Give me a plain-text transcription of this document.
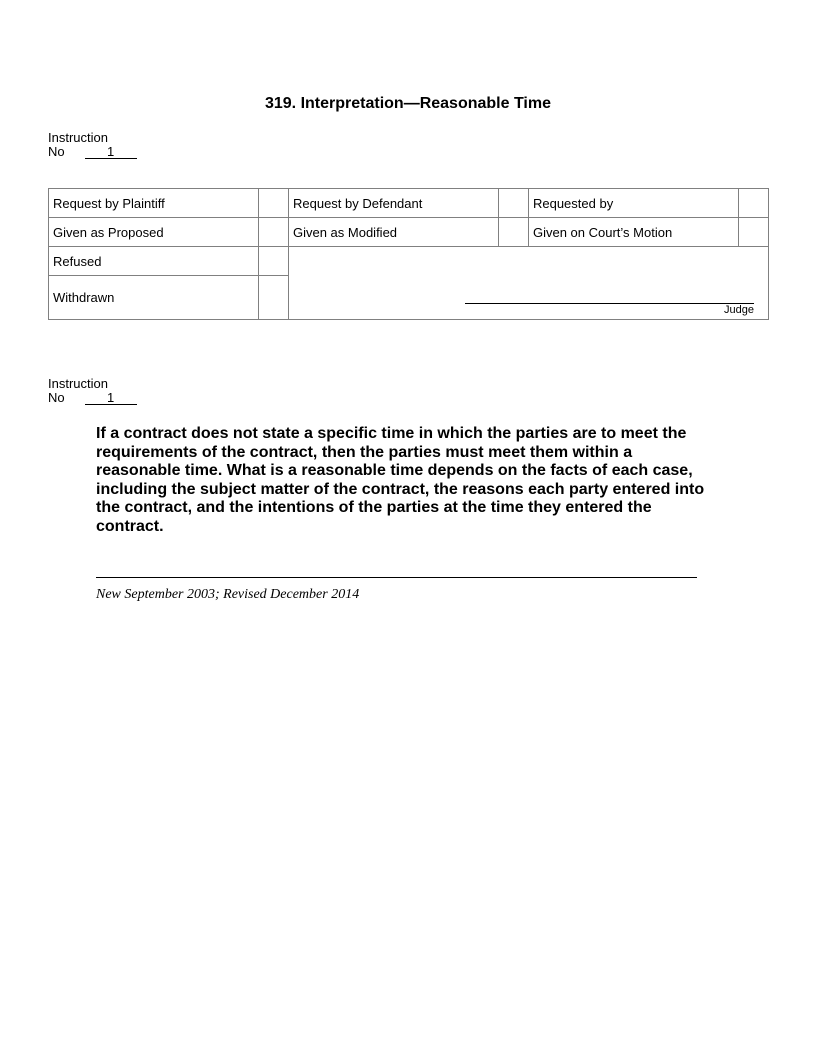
319. Interpretation—Reasonable Time
Instruction
No	1
Request by Plaintiff		Request by Defendant		Requested by	
Given as Proposed		Given as Modified		Given on Court’s Motion	
Refused		Judge			

Withdrawn					
Instruction
No	1
If a contract does not state a specific time in which the parties are to meet the requirements of the contract, then the parties must meet them within a reasonable time. What is a reasonable time depends on the facts of each case, including the subject matter of the contract, the reasons each party entered into the contract, and the intentions of the parties at the time they entered the contract.
New September 2003; Revised December 2014
